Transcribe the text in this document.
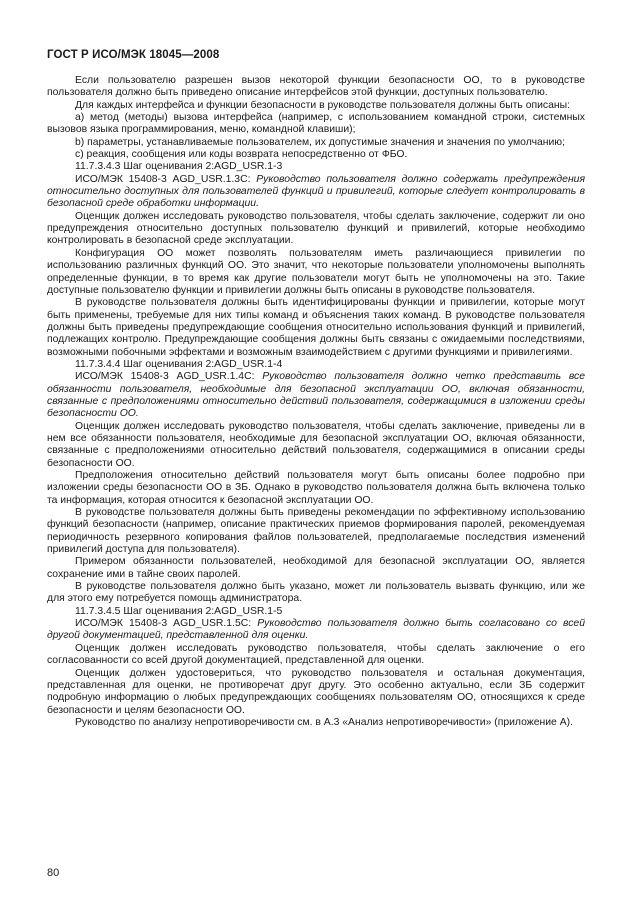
ГОСТ Р ИСО/МЭК 18045—2008

Если пользователю разрешен вызов некоторой функции безопасности ОО, то в руководстве пользователя должно быть приведено описание интерфейсов этой функции, доступных пользователю.

Для каждых интерфейса и функции безопасности в руководстве пользователя должны быть описаны:

а) метод (методы) вызова интерфейса (например, с использованием командной строки, системных вызовов языка программирования, меню, командной клавиши);

b) параметры, устанавливаемые пользователем, их допустимые значения и значения по умолчанию;

с) реакция, сообщения или коды возврата непосредственно от ФБО.

11.7.3.4.3 Шаг оценивания 2:AGD_USR.1-3

ИСО/МЭК 15408-3 AGD_USR.1.3C: Руководство пользователя должно содержать предупреждения относительно доступных для пользователей функций и привилегий, которые следует контролировать в безопасной среде обработки информации.

Оценщик должен исследовать руководство пользователя, чтобы сделать заключение, содержит ли оно предупреждения относительно доступных пользователю функций и привилегий, которые необходимо контролировать в безопасной среде эксплуатации.

Конфигурация ОО может позволять пользователям иметь различающиеся привилегии по использованию различных функций ОО. Это значит, что некоторые пользователи уполномочены выполнять определенные функции, в то время как другие пользователи могут быть не уполномочены на это. Такие доступные пользователю функции и привилегии должны быть описаны в руководстве пользователя.

В руководстве пользователя должны быть идентифицированы функции и привилегии, которые могут быть применены, требуемые для них типы команд и объяснения таких команд. В руководстве пользователя должны быть приведены предупреждающие сообщения относительно использования функций и привилегий, подлежащих контролю. Предупреждающие сообщения должны быть связаны с ожидаемыми последствиями, возможными побочными эффектами и возможным взаимодействием с другими функциями и привилегиями.

11.7.3.4.4 Шаг оценивания 2:AGD_USR.1-4

ИСО/МЭК 15408-3 AGD_USR.1.4C: Руководство пользователя должно четко представить все обязанности пользователя, необходимые для безопасной эксплуатации ОО, включая обязанности, связанные с предположениями относительно действий пользователя, содержащимися в изложении среды безопасности ОО.

Оценщик должен исследовать руководство пользователя, чтобы сделать заключение, приведены ли в нем все обязанности пользователя, необходимые для безопасной эксплуатации ОО, включая обязанности, связанные с предположениями относительно действий пользователя, содержащимися в описании среды безопасности ОО.

Предположения относительно действий пользователя могут быть описаны более подробно при изложении среды безопасности ОО в ЗБ. Однако в руководство пользователя должна быть включена только та информация, которая относится к безопасной эксплуатации ОО.

В руководстве пользователя должны быть приведены рекомендации по эффективному использованию функций безопасности (например, описание практических приемов формирования паролей, рекомендуемая периодичность резервного копирования файлов пользователей, предполагаемые последствия изменений привилегий доступа для пользователя).

Примером обязанности пользователей, необходимой для безопасной эксплуатации ОО, является сохранение ими в тайне своих паролей.

В руководстве пользователя должно быть указано, может ли пользователь вызвать функцию, или же для этого ему потребуется помощь администратора.

11.7.3.4.5 Шаг оценивания 2:AGD_USR.1-5

ИСО/МЭК 15408-3 AGD_USR.1.5C: Руководство пользователя должно быть согласовано со всей другой документацией, представленной для оценки.

Оценщик должен исследовать руководство пользователя, чтобы сделать заключение о его согласованности со всей другой документацией, представленной для оценки.

Оценщик должен удостовериться, что руководство пользователя и остальная документация, представленная для оценки, не противоречат друг другу. Это особенно актуально, если ЗБ содержит подробную информацию о любых предупреждающих сообщениях пользователям ОО, относящихся к среде безопасности и целям безопасности ОО.

Руководство по анализу непротиворечивости см. в А.3 «Анализ непротиворечивости» (приложение А).

80
